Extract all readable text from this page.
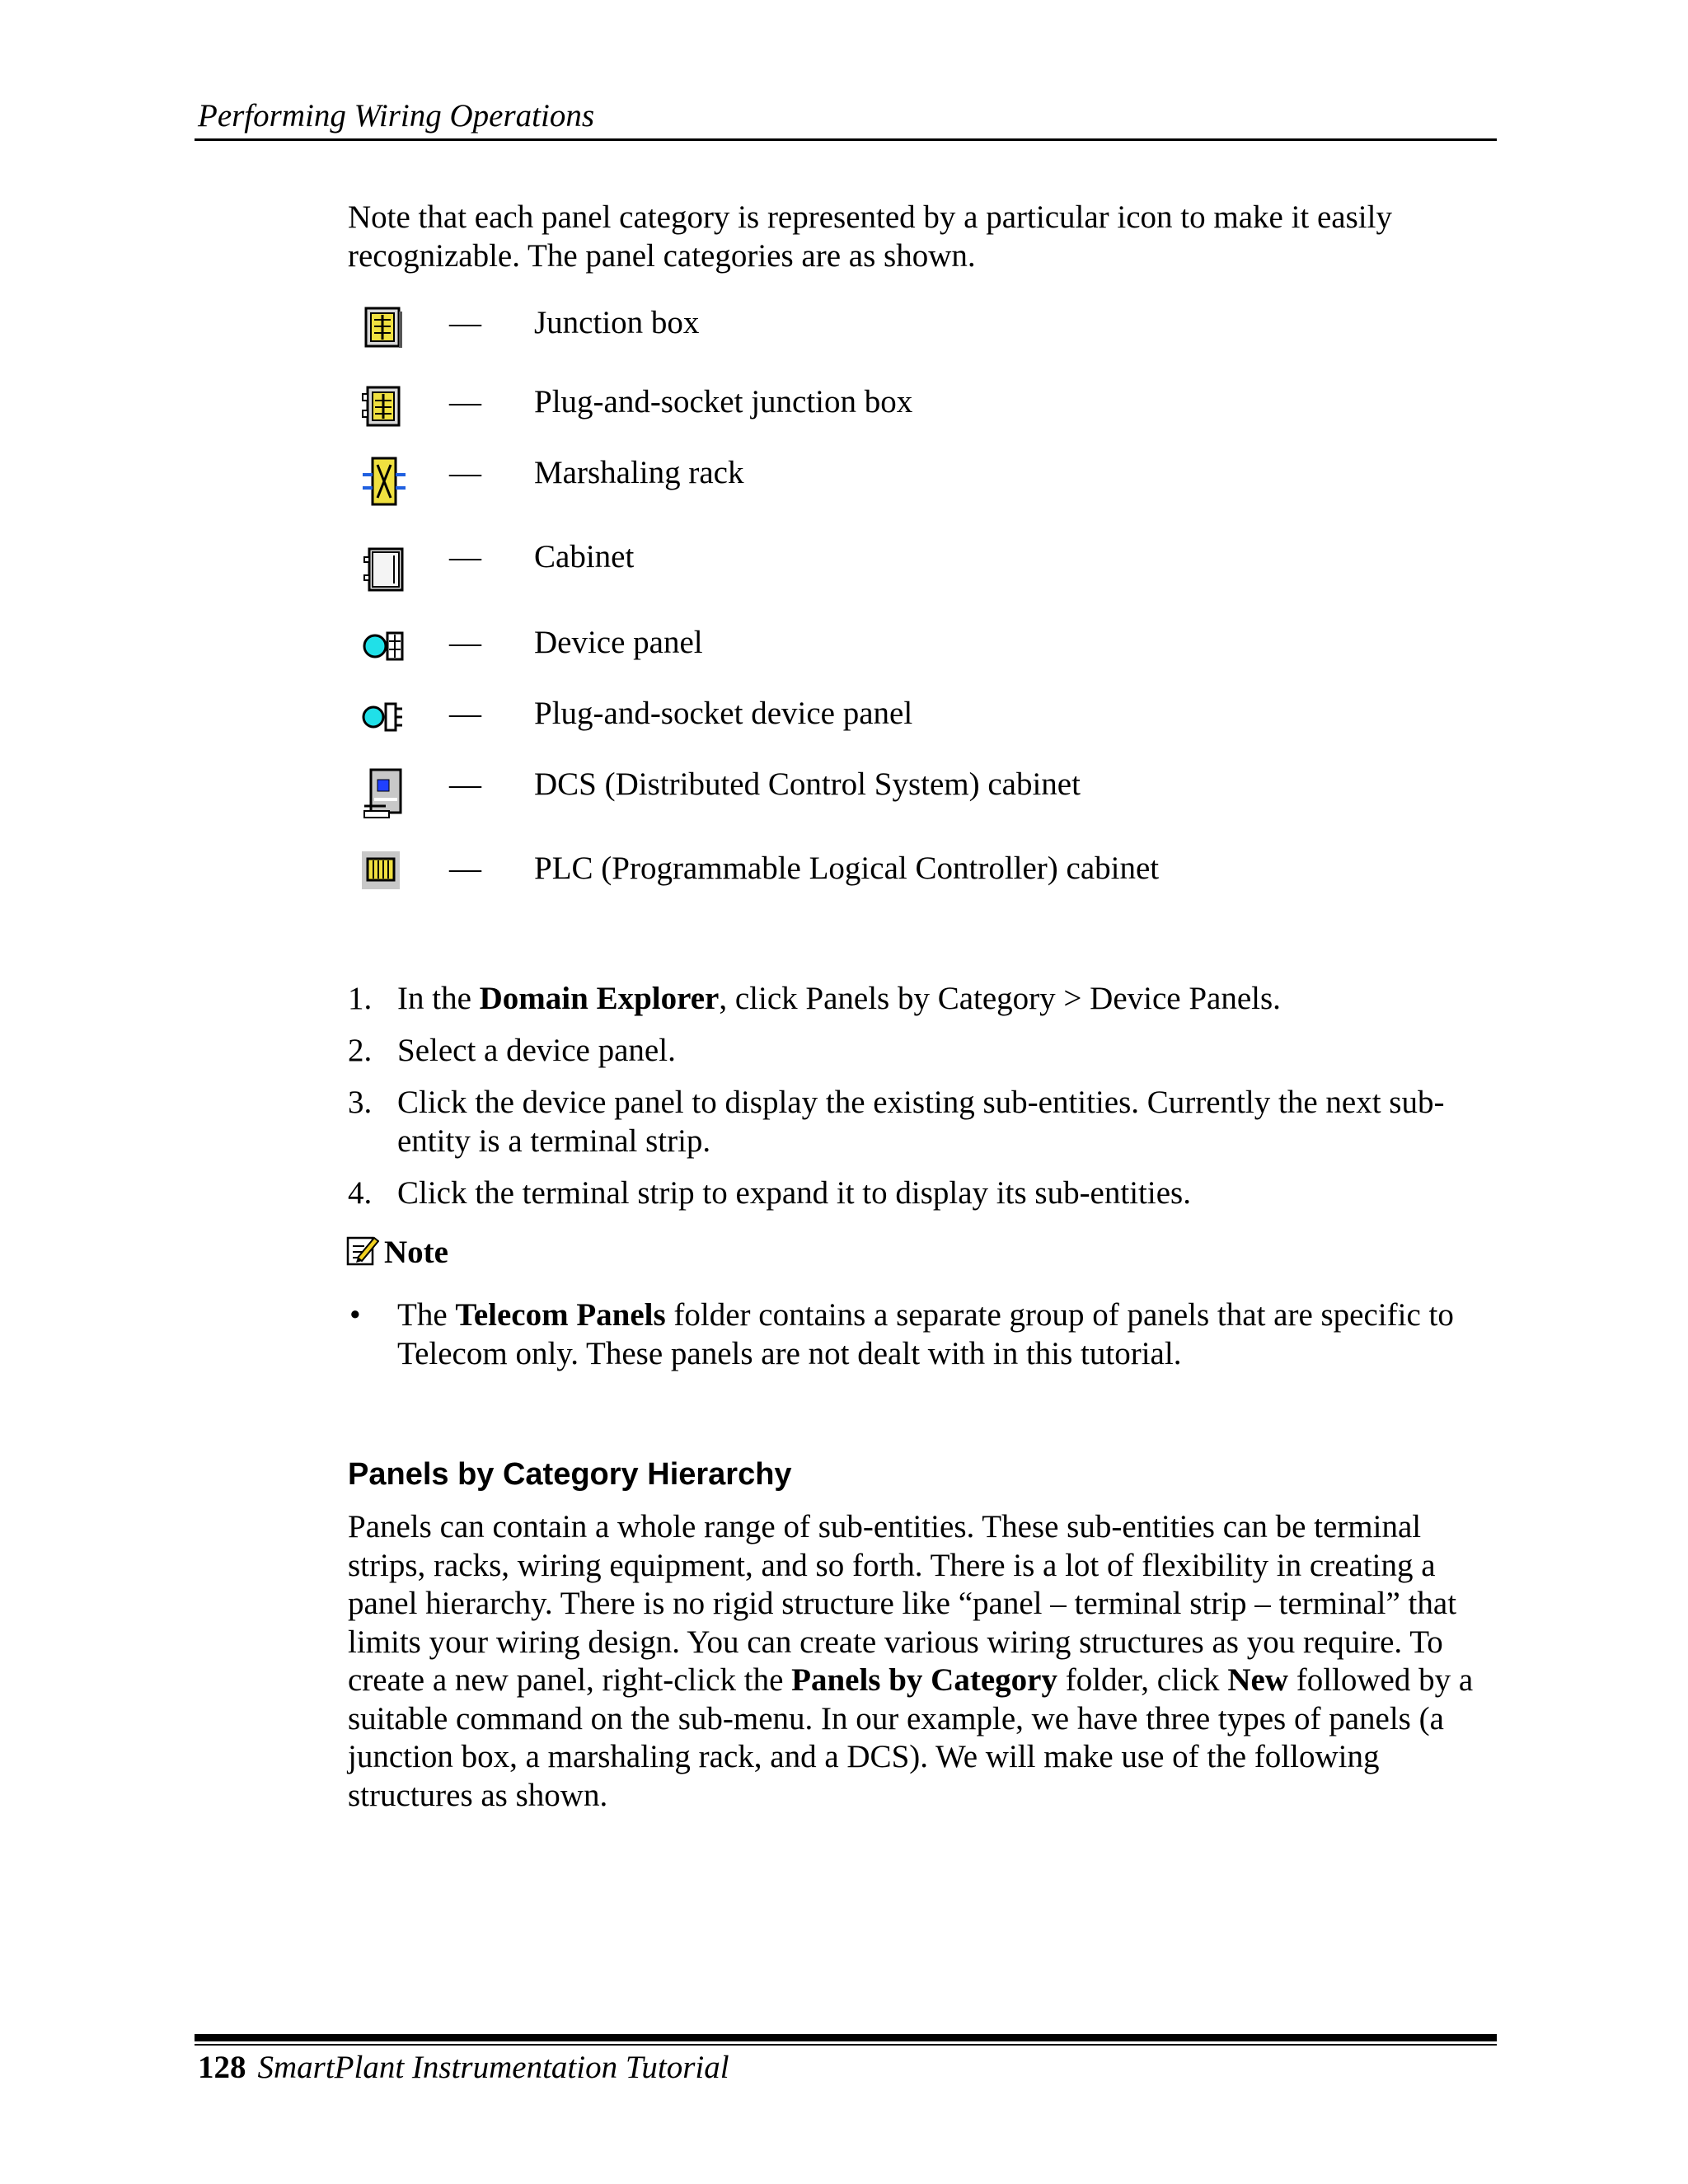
Performing Wiring Operations
Note that each panel category is represented by a particular icon to make it easily recognizable. The panel categories are as shown.
— Junction box
— Plug-and-socket junction box
— Marshaling rack
— Cabinet
— Device panel
— Plug-and-socket device panel
— DCS (Distributed Control System) cabinet
— PLC (Programmable Logical Controller) cabinet
1. In the Domain Explorer, click Panels by Category > Device Panels.
2. Select a device panel.
3. Click the device panel to display the existing sub-entities. Currently the next sub-entity is a terminal strip.
4. Click the terminal strip to expand it to display its sub-entities.
Note
•	The Telecom Panels folder contains a separate group of panels that are specific to Telecom only. These panels are not dealt with in this tutorial.
Panels by Category Hierarchy
Panels can contain a whole range of sub-entities. These sub-entities can be terminal strips, racks, wiring equipment, and so forth. There is a lot of flexibility in creating a panel hierarchy. There is no rigid structure like “panel – terminal strip – terminal” that limits your wiring design. You can create various wiring structures as you require. To create a new panel, right-click the Panels by Category folder, click New followed by a suitable command on the sub-menu. In our example, we have three types of panels (a junction box, a marshaling rack, and a DCS). We will make use of the following structures as shown.
128 SmartPlant Instrumentation Tutorial
